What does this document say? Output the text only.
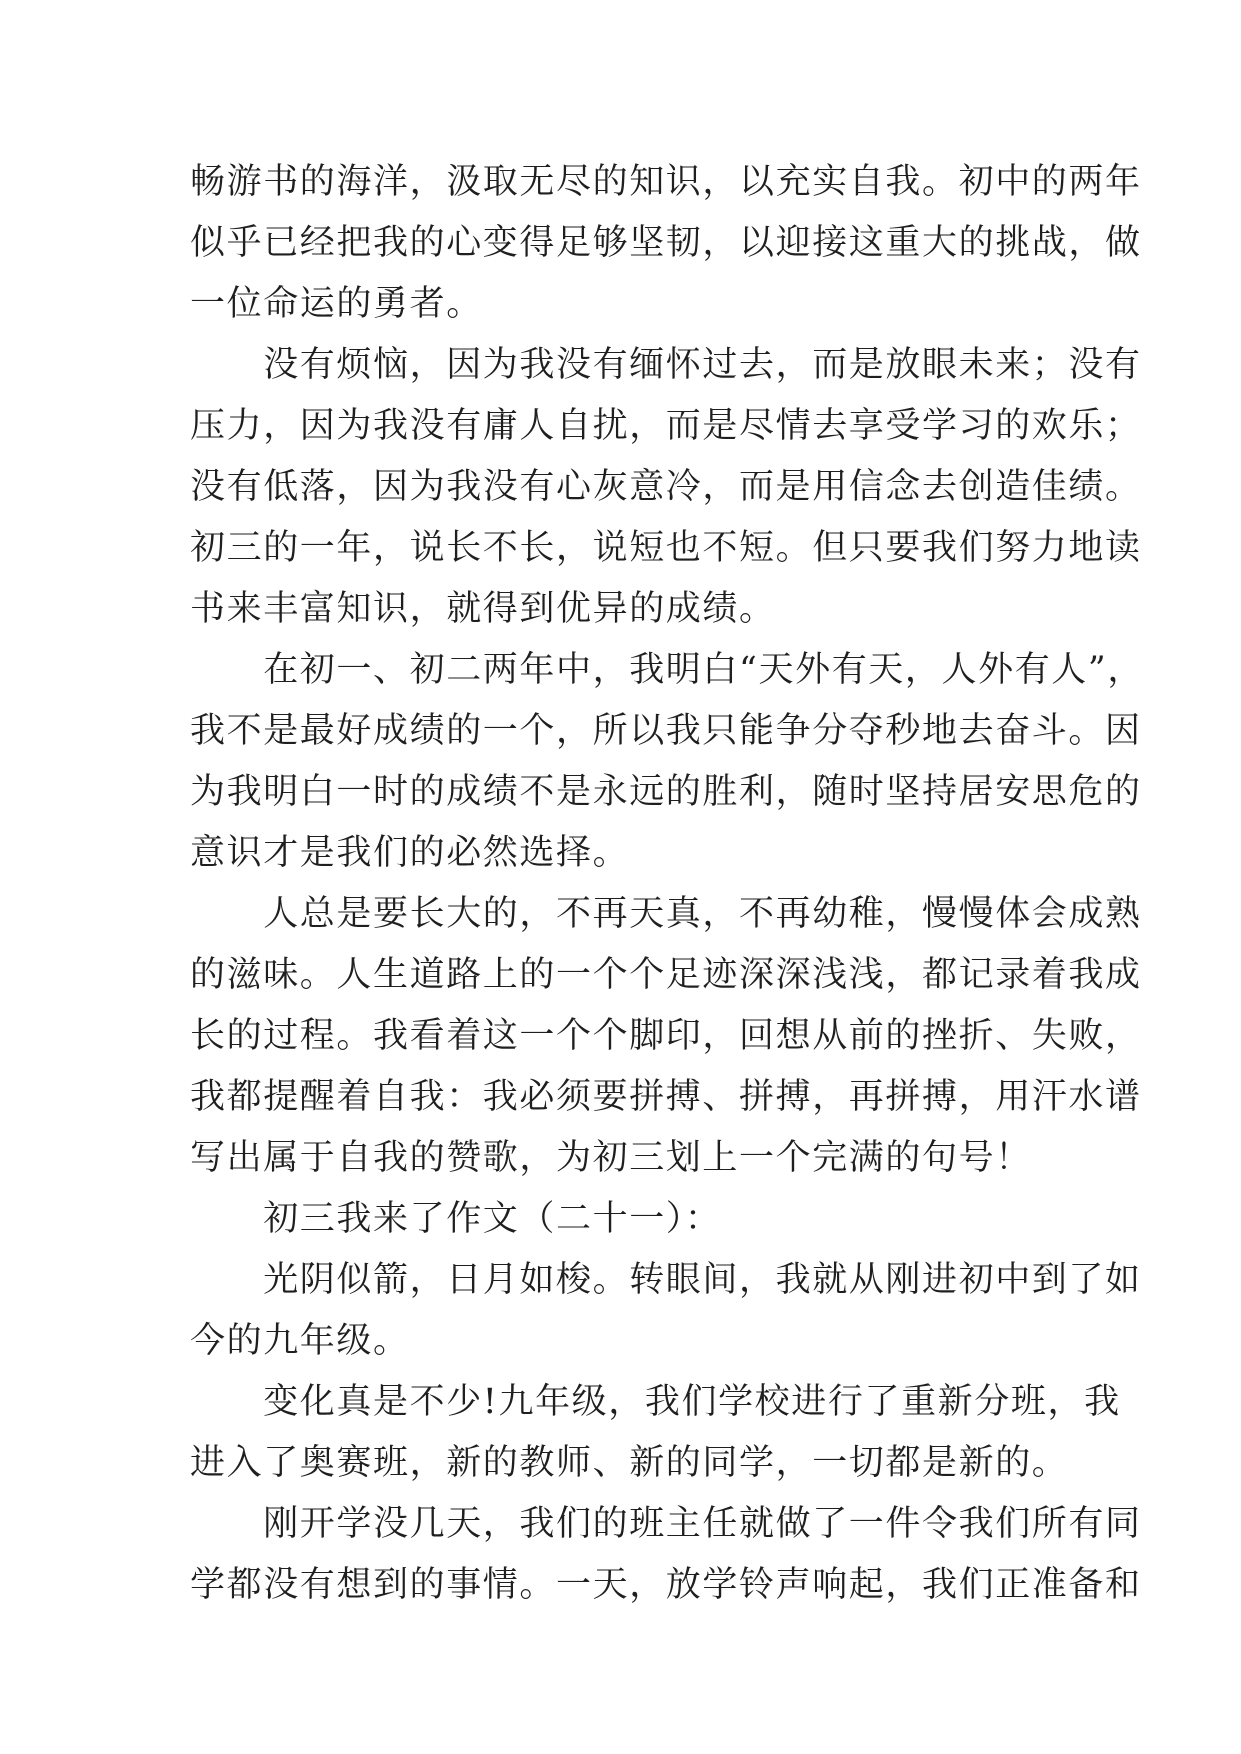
畅游书的海洋，汲取无尽的知识，以充实自我。初中的两年

似乎已经把我的心变得足够坚韧，以迎接这重大的挑战，做

一位命运的勇者。

　　没有烦恼，因为我没有缅怀过去，而是放眼未来；没有

压力，因为我没有庸人自扰，而是尽情去享受学习的欢乐；

没有低落，因为我没有心灰意冷，而是用信念去创造佳绩。

初三的一年，说长不长，说短也不短。但只要我们努力地读

书来丰富知识，就得到优异的成绩。

　　在初一、初二两年中，我明白“天外有天，人外有人”，

我不是最好成绩的一个，所以我只能争分夺秒地去奋斗。因

为我明白一时的成绩不是永远的胜利，随时坚持居安思危的

意识才是我们的必然选择。

　　人总是要长大的，不再天真，不再幼稚，慢慢体会成熟

的滋味。人生道路上的一个个足迹深深浅浅，都记录着我成

长的过程。我看着这一个个脚印，回想从前的挫折、失败，

我都提醒着自我：我必须要拼搏、拼搏，再拼搏，用汗水谱

写出属于自我的赞歌，为初三划上一个完满的句号！

　　初三我来了作文（二十一）：

　　光阴似箭，日月如梭。转眼间，我就从刚进初中到了如

今的九年级。

　　变化真是不少!九年级，我们学校进行了重新分班，我

进入了奥赛班，新的教师、新的同学，一切都是新的。

　　刚开学没几天，我们的班主任就做了一件令我们所有同

学都没有想到的事情。一天，放学铃声响起，我们正准备和
